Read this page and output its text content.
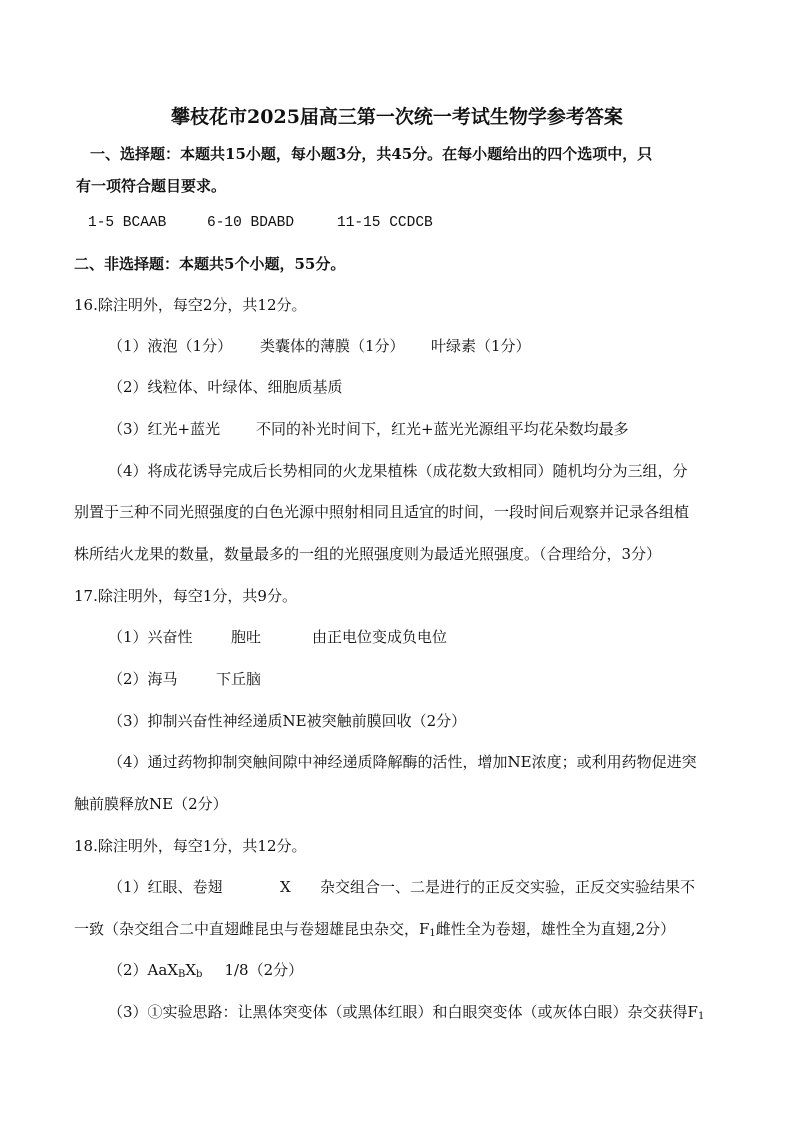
攀枝花市2025届高三第一次统一考试生物学参考答案
一、选择题：本题共15小题，每小题3分，共45分。在每小题给出的四个选项中，只
有一项符合题目要求。
1-5 BCAAB	6-10 BDABD	11-15 CCDCB
二、非选择题：本题共5个小题，55分。
16.除注明外，每空2分，共12分。
（1）液泡（1分） 类囊体的薄膜（1分） 叶绿素（1分）
（2）线粒体、叶绿体、细胞质基质
（3）红光+蓝光 不同的补光时间下，红光+蓝光光源组平均花朵数均最多
（4）将成花诱导完成后长势相同的火龙果植株（成花数大致相同）随机均分为三组，分
别置于三种不同光照强度的白色光源中照射相同且适宜的时间，一段时间后观察并记录各组植
株所结火龙果的数量，数量最多的一组的光照强度则为最适光照强度。（合理给分，3分）
17.除注明外，每空1分，共9分。
（1）兴奋性	胞吐	由正电位变成负电位
（2）海马	下丘脑
（3）抑制兴奋性神经递质NE被突触前膜回收（2分）
（4）通过药物抑制突触间隙中神经递质降解酶的活性，增加NE浓度；或利用药物促进突
触前膜释放NE（2分）
18.除注明外，每空1分，共12分。
（1）红眼、卷翅	X 杂交组合一、二是进行的正反交实验，正反交实验结果不
一致（杂交组合二中直翅雌昆虫与卷翅雄昆虫杂交，F1雌性全为卷翅，雄性全为直翅,2分）
（2）AaXBXb 1/8（2分）
（3）①实验思路：让黑体突变体（或黑体红眼）和白眼突变体（或灰体白眼）杂交获得F1
